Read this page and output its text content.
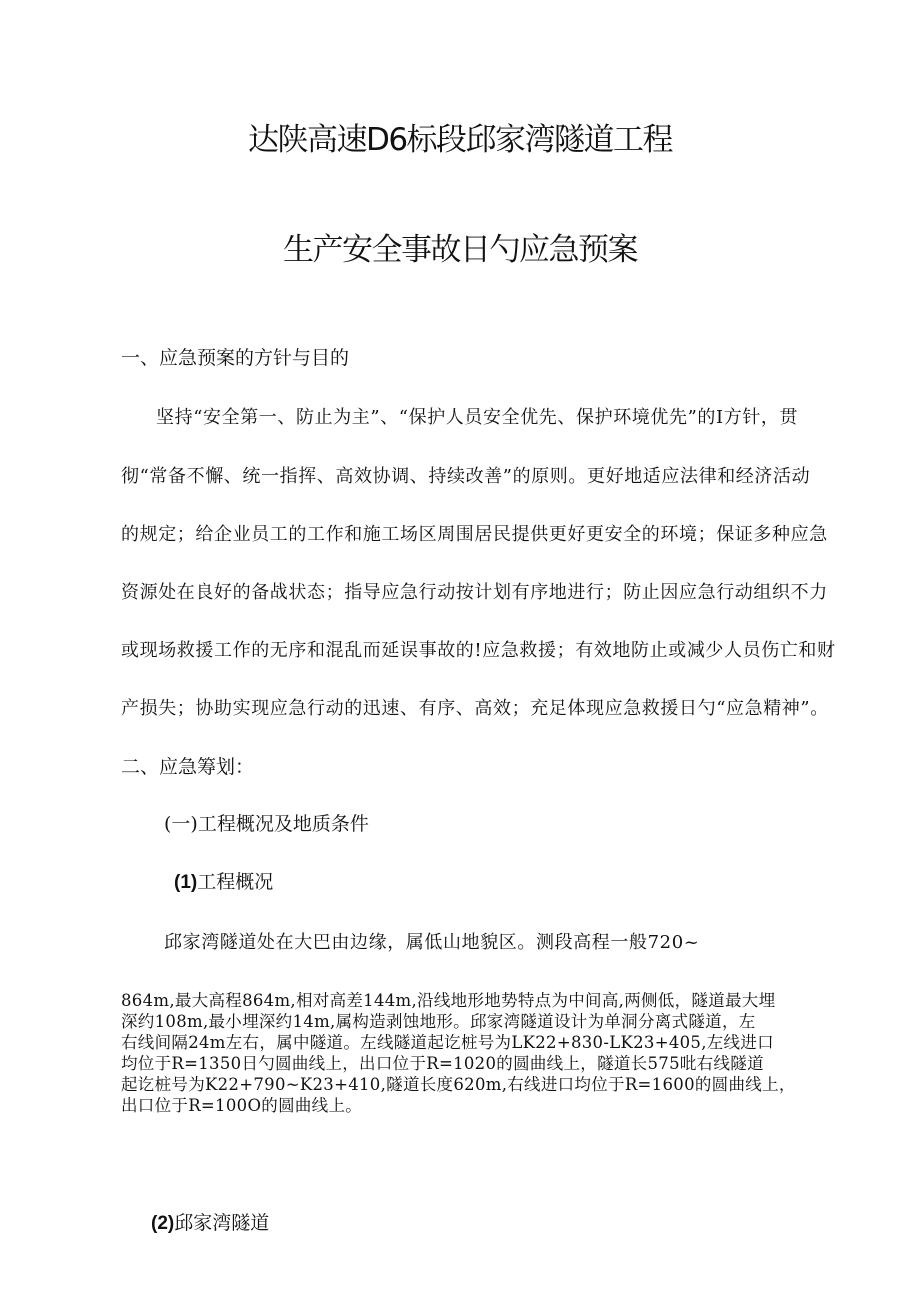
达陕高速D6标段邱家湾隧道工程
生产安全事故日勺应急预案
一、应急预案的方针与目的
坚持“安全第一、防止为主”、“保护人员安全优先、保护环境优先”的I方针，贯
彻“常备不懈、统一指挥、高效协调、持续改善”的原则。更好地适应法律和经济活动
的规定；给企业员工的工作和施工场区周围居民提供更好更安全的环境；保证多种应急
资源处在良好的备战状态；指导应急行动按计划有序地进行；防止因应急行动组织不力
或现场救援工作的无序和混乱而延误事故的!应急救援；有效地防止或减少人员伤亡和财
产损失；协助实现应急行动的迅速、有序、高效；充足体现应急救援日勺“应急精神”。
二、应急筹划：
(一)工程概况及地质条件
(1)工程概况
邱家湾隧道处在大巴由边缘，属低山地貌区。测段高程一般720~
864m,最大高程864m,相对高差144m,沿线地形地势特点为中间高,两侧低，隧道最大埋
深约108m,最小埋深约14m,属构造剥蚀地形。邱家湾隧道设计为单洞分离式隧道，左
右线间隔24m左右，属中隧道。左线隧道起讫桩号为LK22+830-LK23+405,左线进口
均位于R=1350日勺圆曲线上，出口位于R=1020的圆曲线上，隧道长575吡右线隧道
起讫桩号为K22+790~K23+410,隧道长度620m,右线进口均位于R=1600的圆曲线上，
出口位于R=100O的圆曲线上。
(2)邱家湾隧道
